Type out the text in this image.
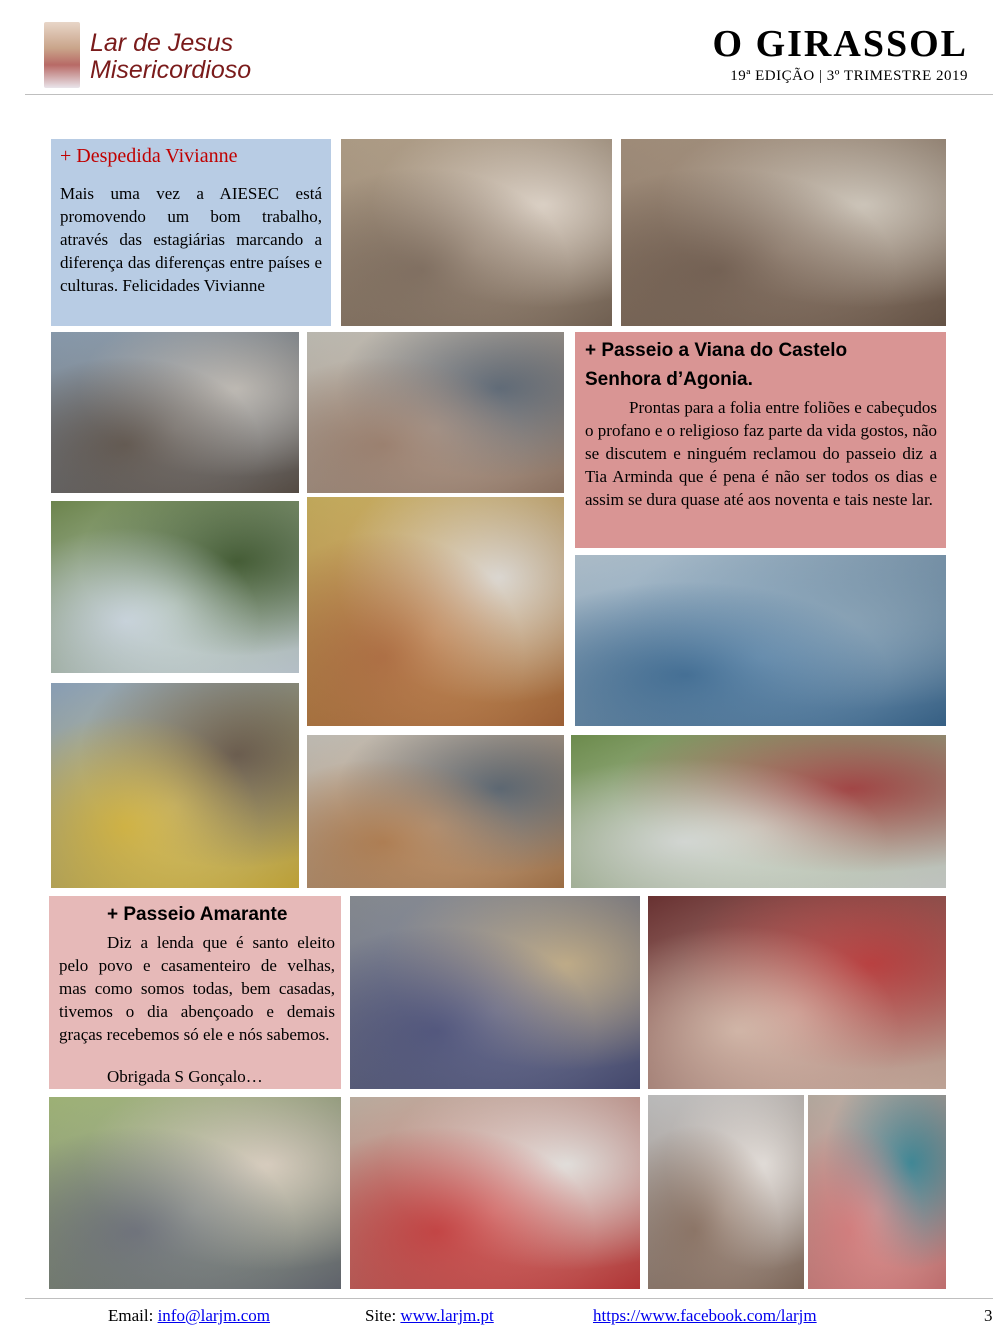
Lar de Jesus
Misericordioso
O GIRASSOL
19ª EDIÇÃO | 3º TRIMESTRE 2019
+ Despedida Vivianne
Mais uma vez a AIESEC está promovendo um bom trabalho, através das estagiárias marcando a diferença das diferenças entre países e culturas. Felicidades Vivianne
+ Passeio a Viana do Castelo
Senhora d’Agonia.
Prontas para a folia entre foliões e cabeçudos o profano e o religioso faz parte da vida gostos, não se discutem e ninguém reclamou do passeio diz a Tia Arminda que é pena é não ser todos os dias e assim se dura quase até aos noventa e tais neste lar.
+ Passeio Amarante
Diz a lenda que é santo eleito pelo povo e casamenteiro de velhas, mas como somos todas, bem casadas, tivemos o dia abençoado e demais graças recebemos só ele e nós sabemos.
Obrigada S Gonçalo…
Email: info@larjm.com	Site: www.larjm.pt	https://www.facebook.com/larjm	3
